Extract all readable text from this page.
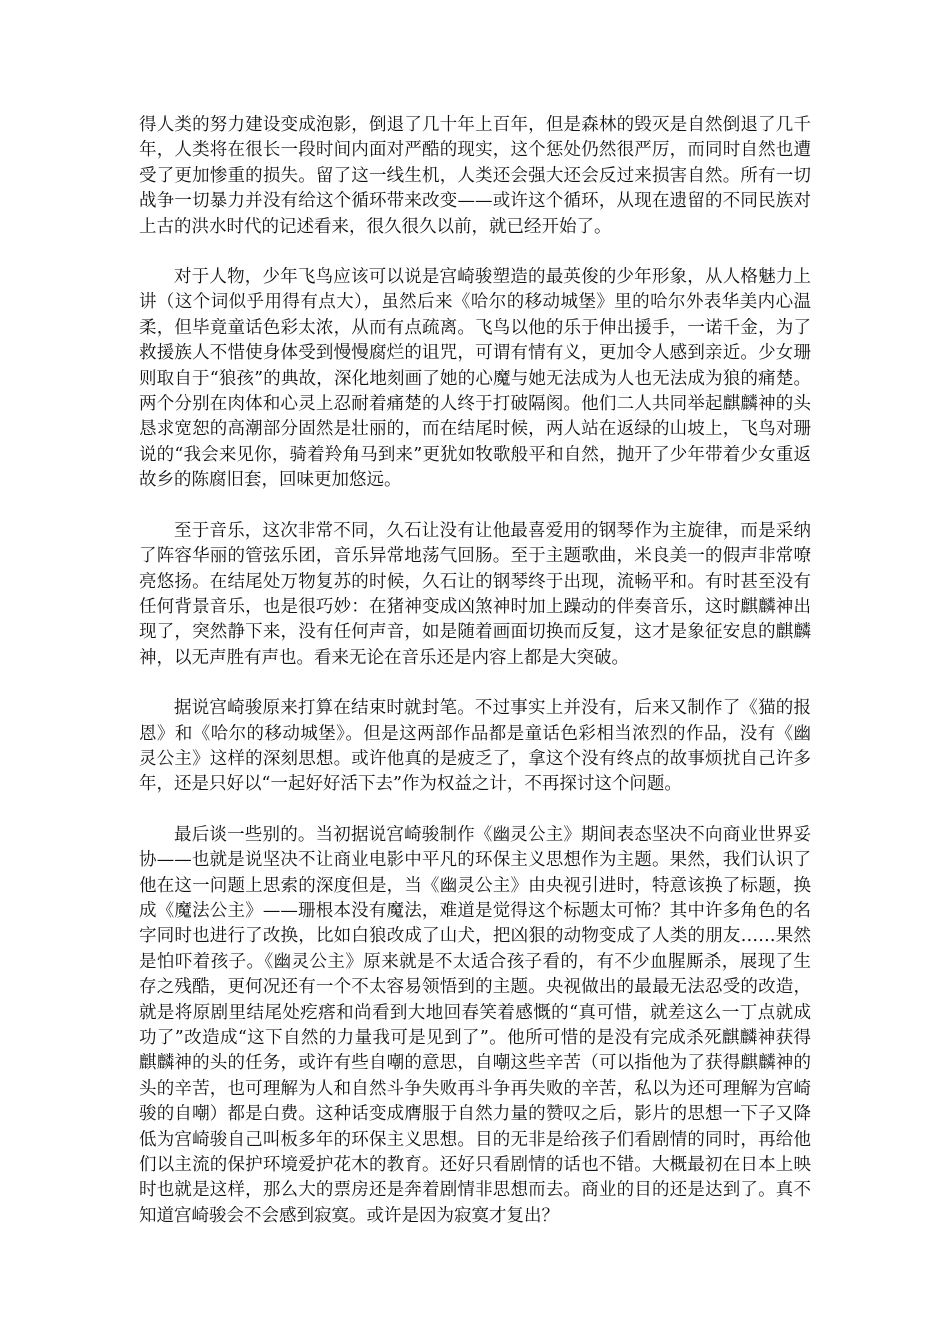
得人类的努力建设变成泡影，倒退了几十年上百年，但是森林的毁灭是自然倒退了几千年，人类将在很长一段时间内面对严酷的现实，这个惩处仍然很严厉，而同时自然也遭受了更加惨重的损失。留了这一线生机，人类还会强大还会反过来损害自然。所有一切战争一切暴力并没有给这个循环带来改变——或许这个循环，从现在遗留的不同民族对上古的洪水时代的记述看来，很久很久以前，就已经开始了。

对于人物，少年飞鸟应该可以说是宫崎骏塑造的最英俊的少年形象，从人格魅力上讲（这个词似乎用得有点大），虽然后来《哈尔的移动城堡》里的哈尔外表华美内心温柔，但毕竟童话色彩太浓，从而有点疏离。飞鸟以他的乐于伸出援手，一诺千金，为了救援族人不惜使身体受到慢慢腐烂的诅咒，可谓有情有义，更加令人感到亲近。少女珊则取自于“狼孩”的典故，深化地刻画了她的心魔与她无法成为人也无法成为狼的痛楚。两个分别在肉体和心灵上忍耐着痛楚的人终于打破隔阂。他们二人共同举起麒麟神的头恳求宽恕的高潮部分固然是壮丽的，而在结尾时候，两人站在返绿的山坡上，飞鸟对珊说的“我会来见你，骑着羚角马到来”更犹如牧歌般平和自然，抛开了少年带着少女重返故乡的陈腐旧套，回味更加悠远。

至于音乐，这次非常不同，久石让没有让他最喜爱用的钢琴作为主旋律，而是采纳了阵容华丽的管弦乐团，音乐异常地荡气回肠。至于主题歌曲，米良美一的假声非常嘹亮悠扬。在结尾处万物复苏的时候，久石让的钢琴终于出现，流畅平和。有时甚至没有任何背景音乐，也是很巧妙：在猪神变成凶煞神时加上躁动的伴奏音乐，这时麒麟神出现了，突然静下来，没有任何声音，如是随着画面切换而反复，这才是象征安息的麒麟神，以无声胜有声也。看来无论在音乐还是内容上都是大突破。

据说宫崎骏原来打算在结束时就封笔。不过事实上并没有，后来又制作了《猫的报恩》和《哈尔的移动城堡》。但是这两部作品都是童话色彩相当浓烈的作品，没有《幽灵公主》这样的深刻思想。或许他真的是疲乏了，拿这个没有终点的故事烦扰自己许多年，还是只好以“一起好好活下去”作为权益之计，不再探讨这个问题。

最后谈一些别的。当初据说宫崎骏制作《幽灵公主》期间表态坚决不向商业世界妥协——也就是说坚决不让商业电影中平凡的环保主义思想作为主题。果然，我们认识了他在这一问题上思索的深度但是，当《幽灵公主》由央视引进时，特意该换了标题，换成《魔法公主》——珊根本没有魔法，难道是觉得这个标题太可怖？其中许多角色的名字同时也进行了改换，比如白狼改成了山犬，把凶狠的动物变成了人类的朋友……果然是怕吓着孩子。《幽灵公主》原来就是不太适合孩子看的，有不少血腥厮杀，展现了生存之残酷，更何况还有一个不太容易领悟到的主题。央视做出的最最无法忍受的改造，就是将原剧里结尾处疙瘩和尚看到大地回春笑着感慨的“真可惜，就差这么一丁点就成功了”改造成“这下自然的力量我可是见到了”。他所可惜的是没有完成杀死麒麟神获得麒麟神的头的任务，或许有些自嘲的意思，自嘲这些辛苦（可以指他为了获得麒麟神的头的辛苦，也可理解为人和自然斗争失败再斗争再失败的辛苦，私以为还可理解为宫崎骏的自嘲）都是白费。这种话变成膺服于自然力量的赞叹之后，影片的思想一下子又降低为宫崎骏自己叫板多年的环保主义思想。目的无非是给孩子们看剧情的同时，再给他们以主流的保护环境爱护花木的教育。还好只看剧情的话也不错。大概最初在日本上映时也就是这样，那么大的票房还是奔着剧情非思想而去。商业的目的还是达到了。真不知道宫崎骏会不会感到寂寞。或许是因为寂寞才复出？
